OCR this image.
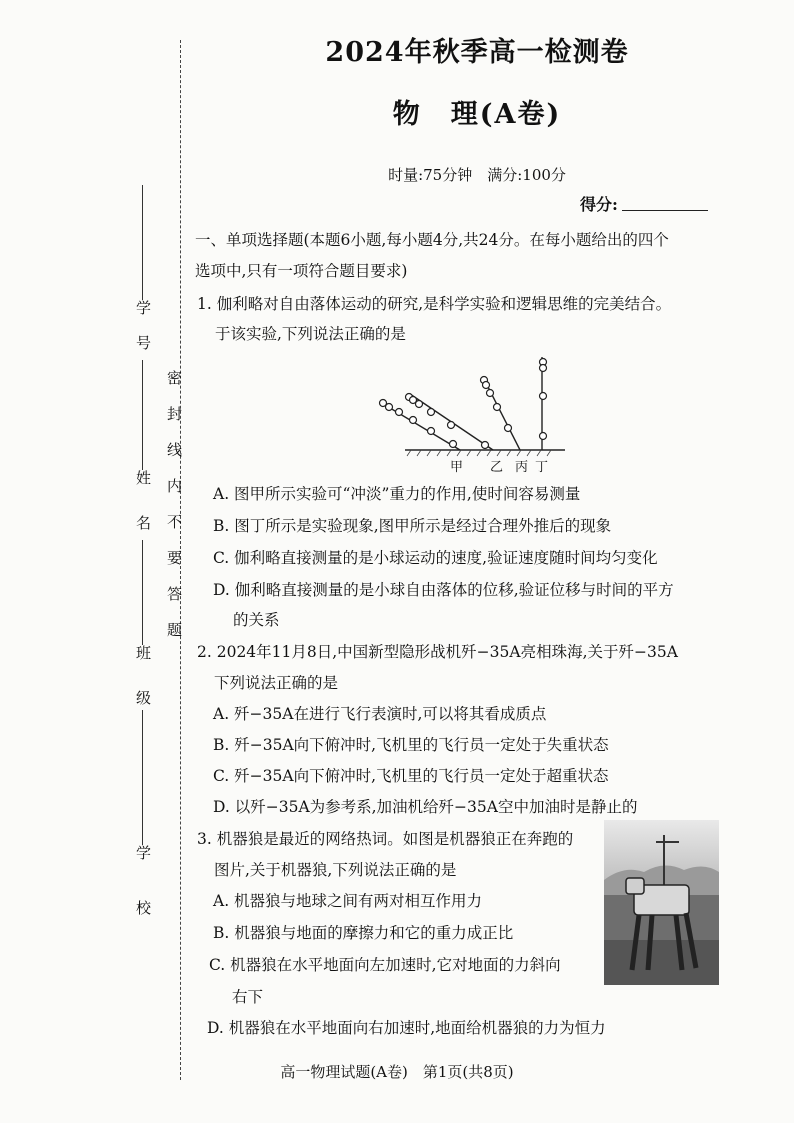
学号
姓名
班级
学校
密封线内不要答题
2024年秋季高一检测卷
物　理(A卷)
时量:75分钟　满分:100分
得分:
一、单项选择题(本题6小题,每小题4分,共24分。在每小题给出的四个
选项中,只有一项符合题目要求)
1. 伽利略对自由落体运动的研究,是科学实验和逻辑思维的完美结合。
于该实验,下列说法正确的是
甲 乙 丙 丁
A. 图甲所示实验可“冲淡”重力的作用,使时间容易测量
B. 图丁所示是实验现象,图甲所示是经过合理外推后的现象
C. 伽利略直接测量的是小球运动的速度,验证速度随时间均匀变化
D. 伽利略直接测量的是小球自由落体的位移,验证位移与时间的平方
的关系
2. 2024年11月8日,中国新型隐形战机歼−35A亮相珠海,关于歼−35A
下列说法正确的是
A. 歼−35A在进行飞行表演时,可以将其看成质点
B. 歼−35A向下俯冲时,飞机里的飞行员一定处于失重状态
C. 歼−35A向下俯冲时,飞机里的飞行员一定处于超重状态
D. 以歼−35A为参考系,加油机给歼−35A空中加油时是静止的
3. 机器狼是最近的网络热词。如图是机器狼正在奔跑的
图片,关于机器狼,下列说法正确的是
A. 机器狼与地球之间有两对相互作用力
B. 机器狼与地面的摩擦力和它的重力成正比
C. 机器狼在水平地面向左加速时,它对地面的力斜向
右下
D. 机器狼在水平地面向右加速时,地面给机器狼的力为恒力
高一物理试题(A卷)　第1页(共8页)
